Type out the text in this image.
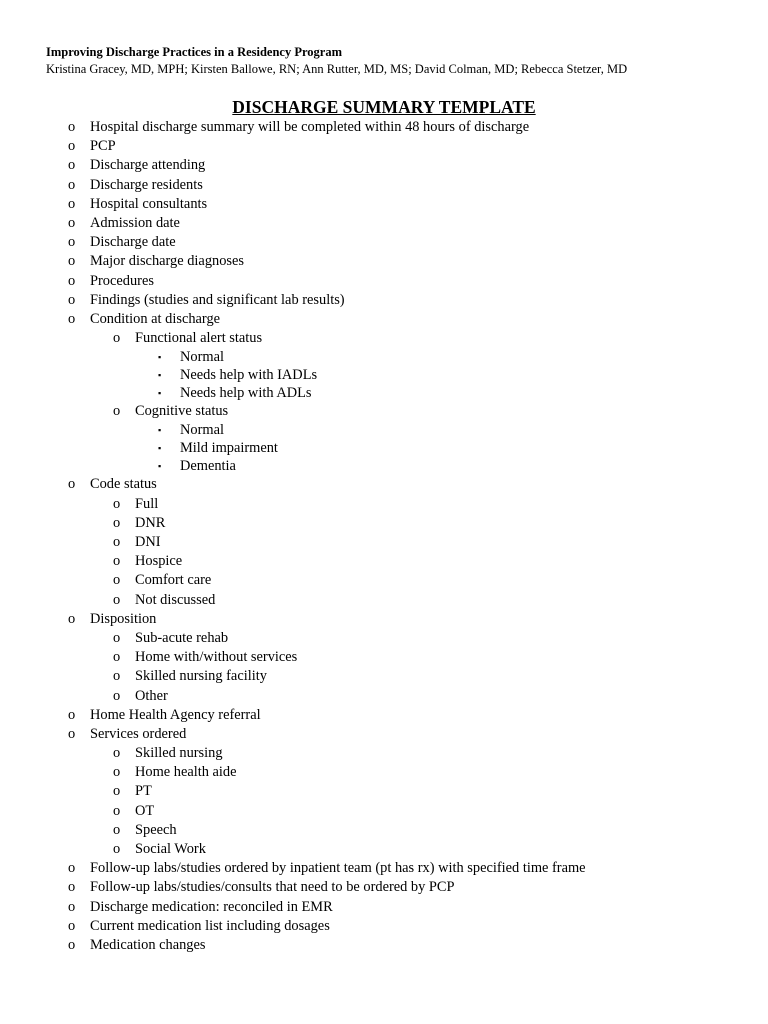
Improving Discharge Practices in a Residency Program
Kristina Gracey, MD, MPH; Kirsten Ballowe, RN; Ann Rutter, MD, MS; David Colman, MD; Rebecca Stetzer, MD
DISCHARGE SUMMARY TEMPLATE
o Hospital discharge summary will be completed within 48 hours of discharge
o PCP
o Discharge attending
o Discharge residents
o Hospital consultants
o Admission date
o Discharge date
o Major discharge diagnoses
o Procedures
o Findings (studies and significant lab results)
o Condition at discharge
o Functional alert status
▪ Normal
▪ Needs help with IADLs
▪ Needs help with ADLs
o Cognitive status
▪ Normal
▪ Mild impairment
▪ Dementia
o Code status
o Full
o DNR
o DNI
o Hospice
o Comfort care
o Not discussed
o Disposition
o Sub-acute rehab
o Home with/without services
o Skilled nursing facility
o Other
o Home Health Agency referral
o Services ordered
o Skilled nursing
o Home health aide
o PT
o OT
o Speech
o Social Work
o Follow-up labs/studies ordered by inpatient team (pt has rx) with specified time frame
o Follow-up labs/studies/consults that need to be ordered by PCP
o Discharge medication: reconciled in EMR
o Current medication list including dosages
o Medication changes
